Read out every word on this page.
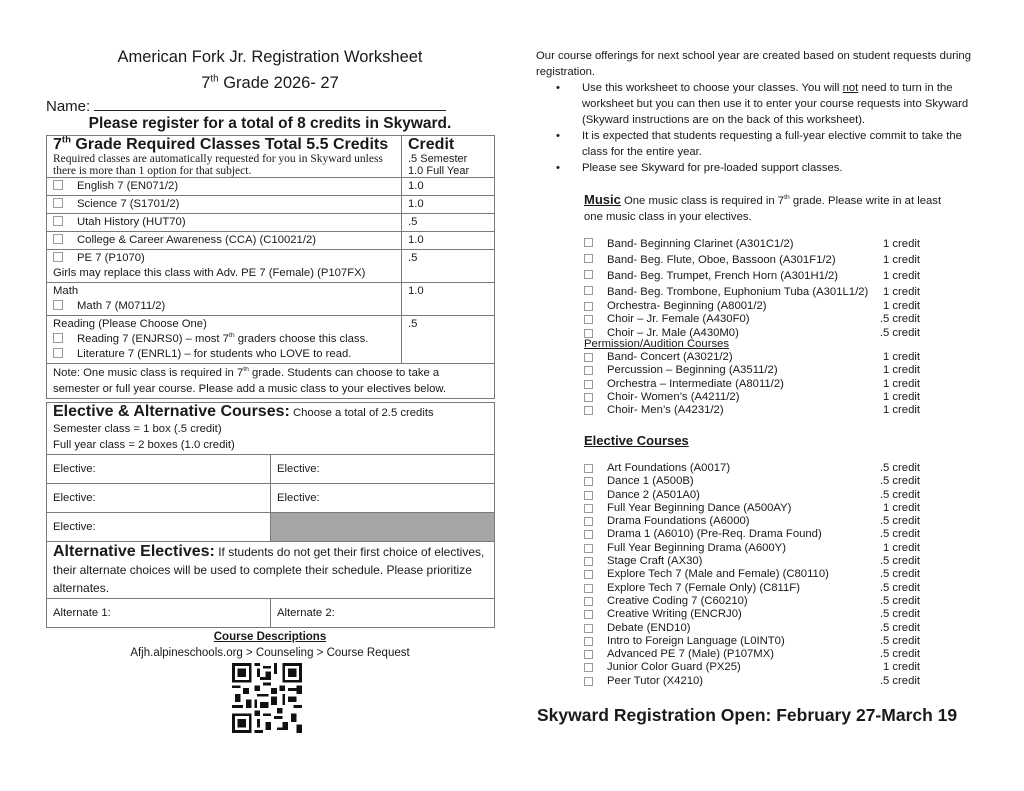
American Fork Jr. Registration Worksheet
7th Grade 2026- 27
Name:
Please register for a total of 8 credits in Skyward.
7th Grade Required Classes Total 5.5 Credits
Required classes are automatically requested for you in Skyward unless there is more than 1 option for that subject.

Credit
.5 Semester
1.0 Full Year

English 7 (EN071/2)	1.0
Science 7 (S1701/2)	1.0
Utah History (HUT70)	.5
College & Career Awareness (CCA) (C10021/2)	1.0

PE 7 (P1070)
Girls may replace this class with Adv. PE 7 (Female) (P107FX)	.5

Math
Math 7 (M0711/2)	1.0

Reading (Please Choose One)
Reading 7 (ENJRS0) – most 7th graders choose this class.
Literature 7 (ENRL1) – for students who LOVE to read.	.5
Note: One music class is required in 7th grade. Students can choose to take a semester or full year course. Please add a music class to your electives below.	
Elective & Alternative Courses: Choose a total of 2.5 credits
Semester class = 1 box (.5 credit)
Full year class = 2 boxes (1.0 credit)	

Elective:	Elective:
Elective:	Elective:
Elective:	
Alternative Electives: If students do not get their first choice of electives, their alternate choices will be used to complete their schedule. Please prioritize alternates.	
Alternate 1:	Alternate 2:
Course Descriptions
Afjh.alpineschools.org > Counseling > Course Request
Our course offerings for next school year are created based on student requests during registration.
• Use this worksheet to choose your classes. You will not need to turn in the worksheet but you can then use it to enter your course requests into Skyward (Skyward instructions are on the back of this worksheet).
• It is expected that students requesting a full-year elective commit to take the class for the entire year.
• Please see Skyward for pre-loaded support classes.
Music One music class is required in 7th grade. Please write in at least one music class in your electives.
Band- Beginning Clarinet (A301C1/2)	1 credit
Band- Beg. Flute, Oboe, Bassoon (A301F1/2)	1 credit
Band- Beg. Trumpet, French Horn (A301H1/2)	1 credit
Band- Beg. Trombone, Euphonium Tuba (A301L1/2)	1 credit
Orchestra- Beginning (A8001/2)	1 credit
Choir – Jr. Female (A430F0)	.5 credit
Choir – Jr. Male (A430M0)	.5 credit
Permission/Audition Courses
Band- Concert (A3021/2)	1 credit
Percussion – Beginning (A3511/2)	1 credit
Orchestra – Intermediate (A8011/2)	1 credit
Choir- Women’s (A4211/2)	1 credit
Choir- Men’s (A4231/2)	1 credit
Elective Courses
Art Foundations (A0017)	.5 credit
Dance 1 (A500B)	.5 credit
Dance 2 (A501A0)	.5 credit
Full Year Beginning Dance (A500AY)	1 credit
Drama Foundations (A6000)	.5 credit
Drama 1 (A6010) (Pre-Req. Drama Found)	.5 credit
Full Year Beginning Drama (A600Y)	1 credit
Stage Craft (AX30)	.5 credit
Explore Tech 7 (Male and Female) (C80110)	.5 credit
Explore Tech 7 (Female Only) (C811F)	.5 credit
Creative Coding 7 (C60210)	.5 credit
Creative Writing (ENCRJ0)	.5 credit
Debate (END10)	.5 credit
Intro to Foreign Language (L0INT0)	.5 credit
Advanced PE 7 (Male) (P107MX)	.5 credit
Junior Color Guard (PX25)	1 credit
Peer Tutor (X4210)	.5 credit
Skyward Registration Open: February 27-March 19
